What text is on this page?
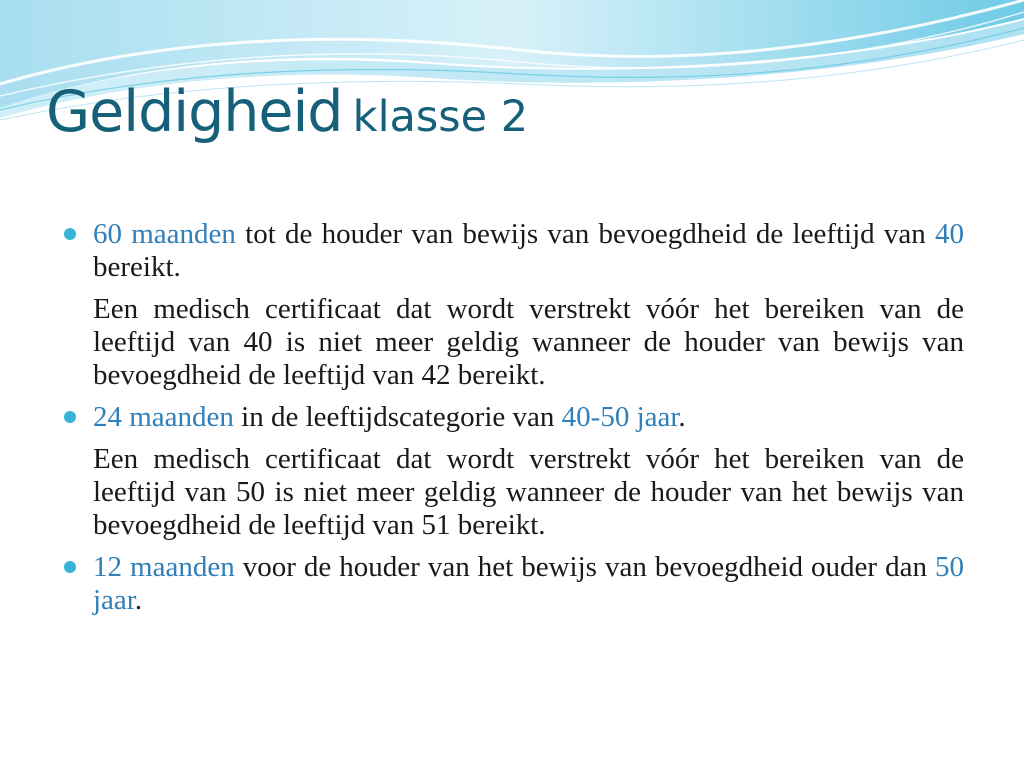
Geldigheid klasse 2
60 maanden tot de houder van bewijs van bevoegdheid de leeftijd van 40 bereikt.
Een medisch certificaat dat wordt verstrekt vóór het bereiken van de leeftijd van 40 is niet meer geldig wanneer de houder van bewijs van bevoegdheid de leeftijd van 42 bereikt.
24 maanden in de leeftijdscategorie van 40-50 jaar.
Een medisch certificaat dat wordt verstrekt vóór het bereiken van de leeftijd van 50 is niet meer geldig wanneer de houder van het bewijs van bevoegdheid de leeftijd van 51 bereikt.
12 maanden voor de houder van het bewijs van bevoegdheid ouder dan 50 jaar.
